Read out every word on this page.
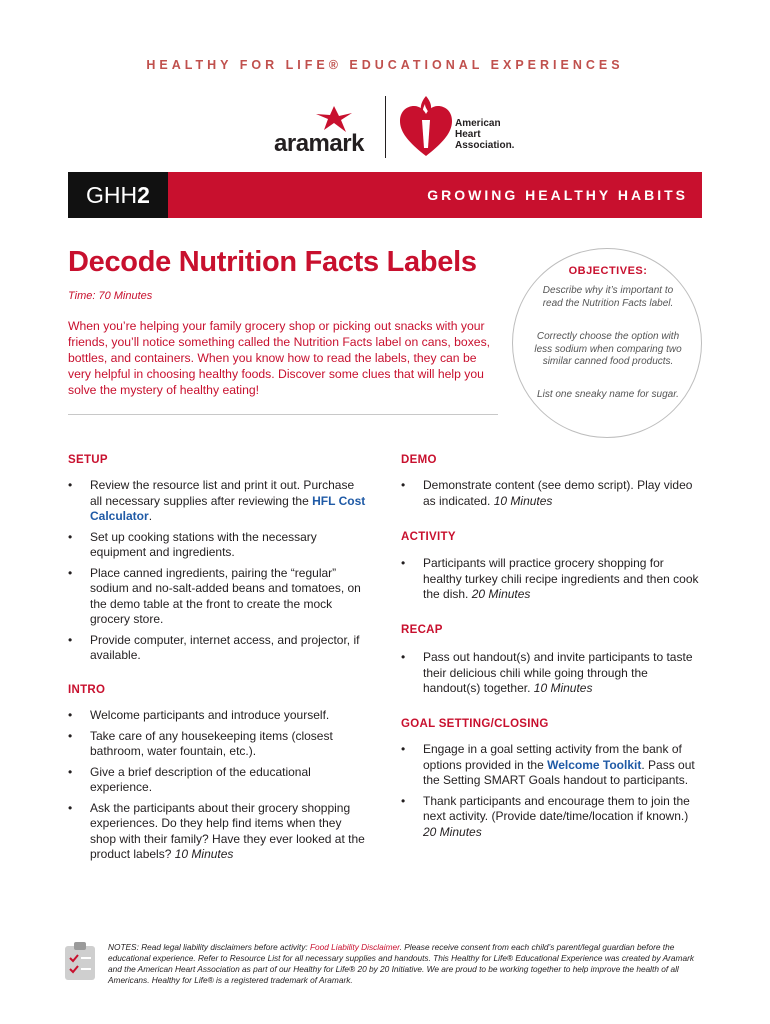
HEALTHY FOR LIFE® EDUCATIONAL EXPERIENCES
aramark
American
Heart
Association.
GHH2	GROWING HEALTHY HABITS
Decode Nutrition Facts Labels
Time: 70 Minutes
When you’re helping your family grocery shop or picking out snacks with your friends, you’ll notice something called the Nutrition Facts label on cans, boxes, bottles, and containers. When you know how to read the labels, they can be very helpful in choosing healthy foods. Discover some clues that will help you solve the mystery of healthy eating!
OBJECTIVES:
Describe why it’s important to read the Nutrition Facts label.
Correctly choose the option with less sodium when comparing two similar canned food products.
List one sneaky name for sugar.
SETUP
• Review the resource list and print it out. Purchase all necessary supplies after reviewing the HFL Cost Calculator.
• Set up cooking stations with the necessary equipment and ingredients.
• Place canned ingredients, pairing the “regular” sodium and no-salt-added beans and tomatoes, on the demo table at the front to create the mock grocery store.
• Provide computer, internet access, and projector, if available.
INTRO
• Welcome participants and introduce yourself.
• Take care of any housekeeping items (closest bathroom, water fountain, etc.).
• Give a brief description of the educational experience.
• Ask the participants about their grocery shopping experiences. Do they help find items when they shop with their family? Have they ever looked at the product labels? 10 Minutes
DEMO
• Demonstrate content (see demo script). Play video as indicated. 10 Minutes
ACTIVITY
• Participants will practice grocery shopping for healthy turkey chili recipe ingredients and then cook the dish. 20 Minutes
RECAP
• Pass out handout(s) and invite participants to taste their delicious chili while going through the handout(s) together. 10 Minutes
GOAL SETTING/CLOSING
• Engage in a goal setting activity from the bank of options provided in the Welcome Toolkit. Pass out the Setting SMART Goals handout to participants.
• Thank participants and encourage them to join the next activity. (Provide date/time/location if known.) 20 Minutes
NOTES: Read legal liability disclaimers before activity: Food Liability Disclaimer. Please receive consent from each child’s parent/legal guardian before the educational experience. Refer to Resource List for all necessary supplies and handouts. This Healthy for Life® Educational Experience was created by Aramark and the American Heart Association as part of our Healthy for Life® 20 by 20 Initiative. We are proud to be working together to help improve the health of all Americans. Healthy for Life® is a registered trademark of Aramark.
